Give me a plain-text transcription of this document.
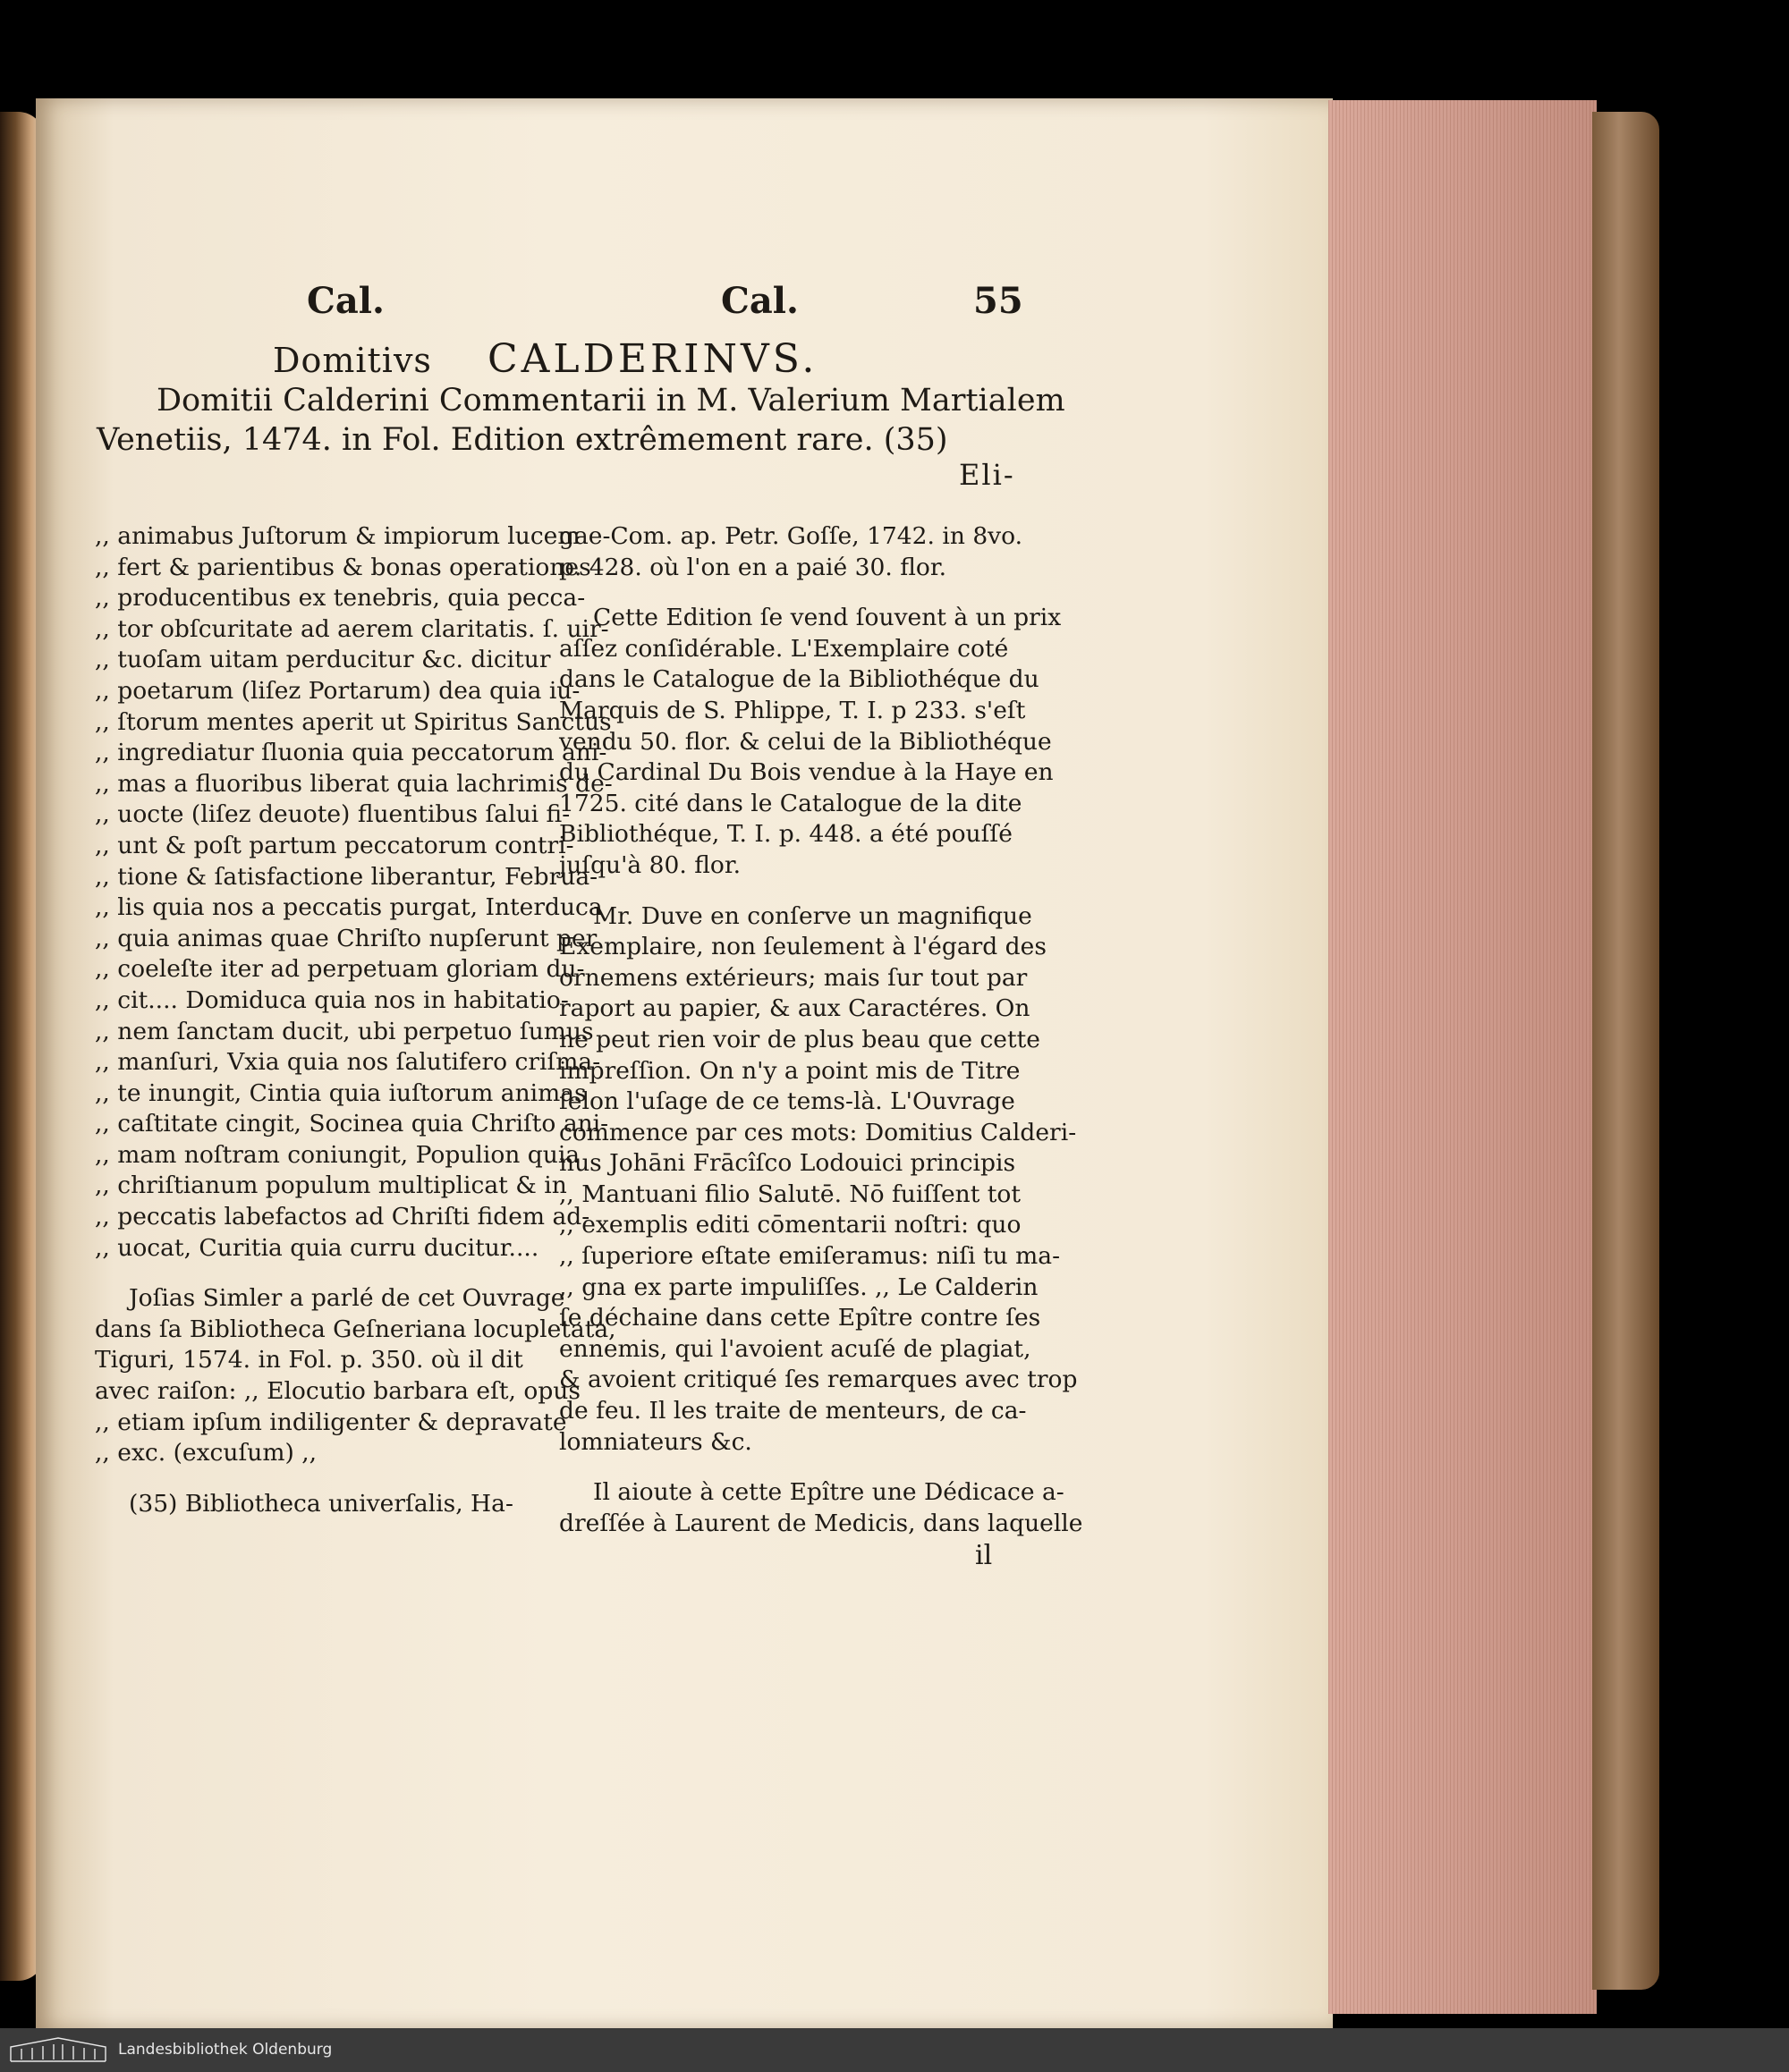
Cal.	Cal.	55
Domitivs CALDERINVS.
Domitii Calderini Commentarii in M. Valerium Martialem
Venetiis, 1474. in Fol. Edition extrêmement rare. (35)
Eli-
,, animabus Juſtorum & impiorum lucem
,, fert & parientibus & bonas operationes
,, producentibus ex tenebris, quia pecca-
,, tor obſcuritate ad aerem claritatis. ſ. uir-
,, tuoſam uitam perducitur &c. dicitur
,, poetarum (liſez Portarum) dea quia iu-
,, ſtorum mentes aperit ut Spiritus Sanctus
,, ingrediatur ſluonia quia peccatorum ani-
,, mas a fluoribus liberat quia lachrimis de-
,, uocte (liſez deuote) fluentibus ſalui fi-
,, unt & poſt partum peccatorum contri-
,, tione & ſatisfactione liberantur, Februa-
,, lis quia nos a peccatis purgat, Interduca
,, quia animas quae Chriſto nupſerunt per
,, coeleſte iter ad perpetuam gloriam du-
,, cit.... Domiduca quia nos in habitatio-
,, nem ſanctam ducit, ubi perpetuo ſumus
,, manſuri, Vxia quia nos ſalutifero criſma-
,, te inungit, Cintia quia iuſtorum animas
,, caſtitate cingit, Socinea quia Chriſto ani-
,, mam noſtram coniungit, Populion quia
,, chriſtianum populum multiplicat & in
,, peccatis labefactos ad Chriſti fidem ad-
,, uocat, Curitia quia curru ducitur....
Joſias Simler a parlé de cet Ouvrage
dans ſa Bibliotheca Geſneriana locupletata,
Tiguri, 1574. in Fol. p. 350. où il dit
avec raiſon: ,, Elocutio barbara eſt, opus
,, etiam ipſum indiligenter & depravate
,, exc. (excuſum) ,,
(35) Bibliotheca univerſalis, Ha-
gae-Com. ap. Petr. Goſſe, 1742. in 8vo.
p. 428. où l'on en a paié 30. flor.
Cette Edition ſe vend ſouvent à un prix
aſſez conſidérable. L'Exemplaire coté
dans le Catalogue de la Bibliothéque du
Marquis de S. Phlippe, T. I. p 233. s'eſt
vendu 50. flor. & celui de la Bibliothéque
du Cardinal Du Bois vendue à la Haye en
1725. cité dans le Catalogue de la dite
Bibliothéque, T. I. p. 448. a été pouſſé
juſqu'à 80. flor.
Mr. Duve en conſerve un magnifique
Exemplaire, non ſeulement à l'égard des
ornemens extérieurs; mais ſur tout par
raport au papier, & aux Caractéres. On
ne peut rien voir de plus beau que cette
impreſſion. On n'y a point mis de Titre
ſelon l'uſage de ce tems-là. L'Ouvrage
commence par ces mots: Domitius Calderi-
nus Johāni Frācîſco Lodouici principis
,, Mantuani filio Salutē. Nō fuiſſent tot
,, exemplis editi cōmentarii noſtri: quo
,, ſuperiore eſtate emiſeramus: niſi tu ma-
,, gna ex parte impuliſſes. ,, Le Calderin
ſe déchaine dans cette Epître contre ſes
ennemis, qui l'avoient acuſé de plagiat,
& avoient critiqué ſes remarques avec trop
de feu. Il les traite de menteurs, de ca-
lomniateurs &c.
Il aioute à cette Epître une Dédicace a-
dreſſée à Laurent de Medicis, dans laquelle
il
Landesbibliothek Oldenburg
